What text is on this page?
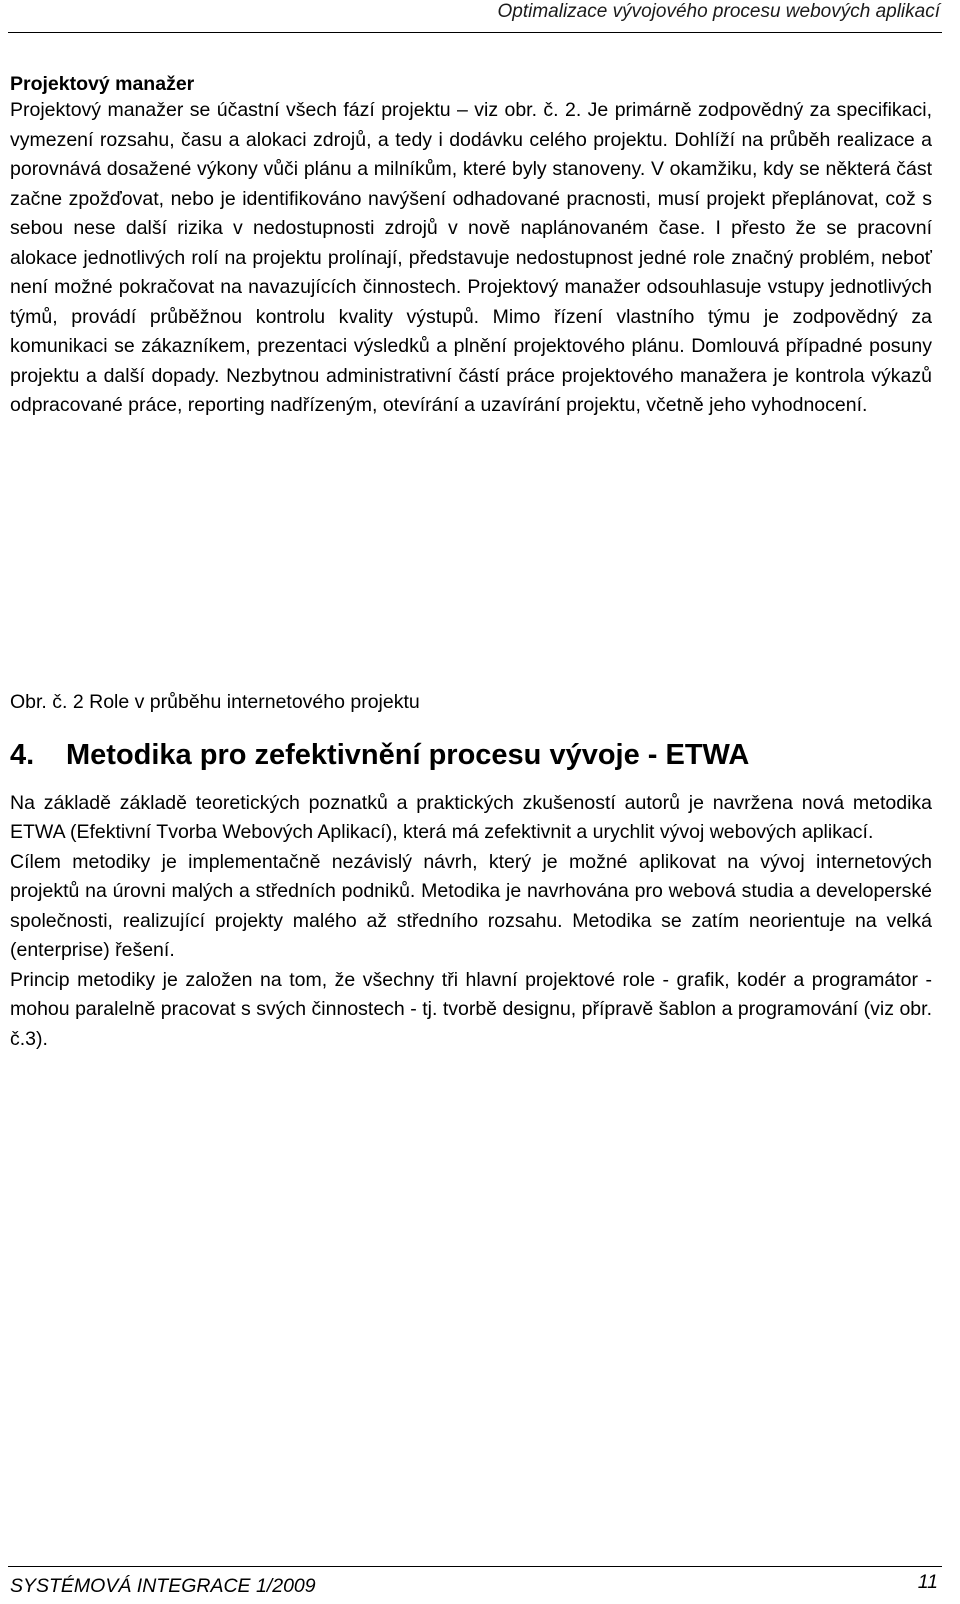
Optimalizace vývojového procesu webových aplikací
Projektový manažer

Projektový manažer se účastní všech fází projektu – viz obr. č. 2. Je primárně zodpovědný za specifikaci, vymezení rozsahu, času a alokaci zdrojů, a tedy i dodávku celého projektu. Dohlíží na průběh realizace a porovnává dosažené výkony vůči plánu a milníkům, které byly stanoveny. V okamžiku, kdy se některá část začne zpožďovat, nebo je identifikováno navýšení odhadované pracnosti, musí projekt přeplánovat, což s sebou nese další rizika v nedostupnosti zdrojů v nově naplánovaném čase. I přesto že se pracovní alokace jednotlivých rolí na projektu prolínají, představuje nedostupnost jedné role značný problém, neboť není možné pokračovat na navazujících činnostech. Projektový manažer odsouhlasuje vstupy jednotlivých týmů, provádí průběžnou kontrolu kvality výstupů. Mimo řízení vlastního týmu je zodpovědný za komunikaci se zákazníkem, prezentaci výsledků a plnění projektového plánu. Domlouvá případné posuny projektu a další dopady. Nezbytnou administrativní částí práce projektového manažera je kontrola výkazů odpracované práce, reporting nadřízeným, otevírání a uzavírání projektu, včetně jeho vyhodnocení.

Obr. č. 2 Role v průběhu internetového projektu

4.	Metodika pro zefektivnění procesu vývoje - ETWA

Na základě základě teoretických poznatků a praktických zkušeností autorů je navržena nová metodika ETWA (Efektivní Tvorba Webových Aplikací), která má zefektivnit a urychlit vývoj webových aplikací.

Cílem metodiky je implementačně nezávislý návrh, který je možné aplikovat na vývoj internetových projektů na úrovni malých a středních podniků. Metodika je navrhována pro webová studia a developerské společnosti, realizující projekty malého až středního rozsahu. Metodika se zatím neorientuje na velká (enterprise) řešení.

Princip metodiky je založen na tom, že všechny tři hlavní projektové role - grafik, kodér a programátor - mohou paralelně pracovat s svých činnostech - tj. tvorbě designu, přípravě šablon a programování (viz obr. č.3).

SYSTÉMOVÁ INTEGRACE 1/2009	11
